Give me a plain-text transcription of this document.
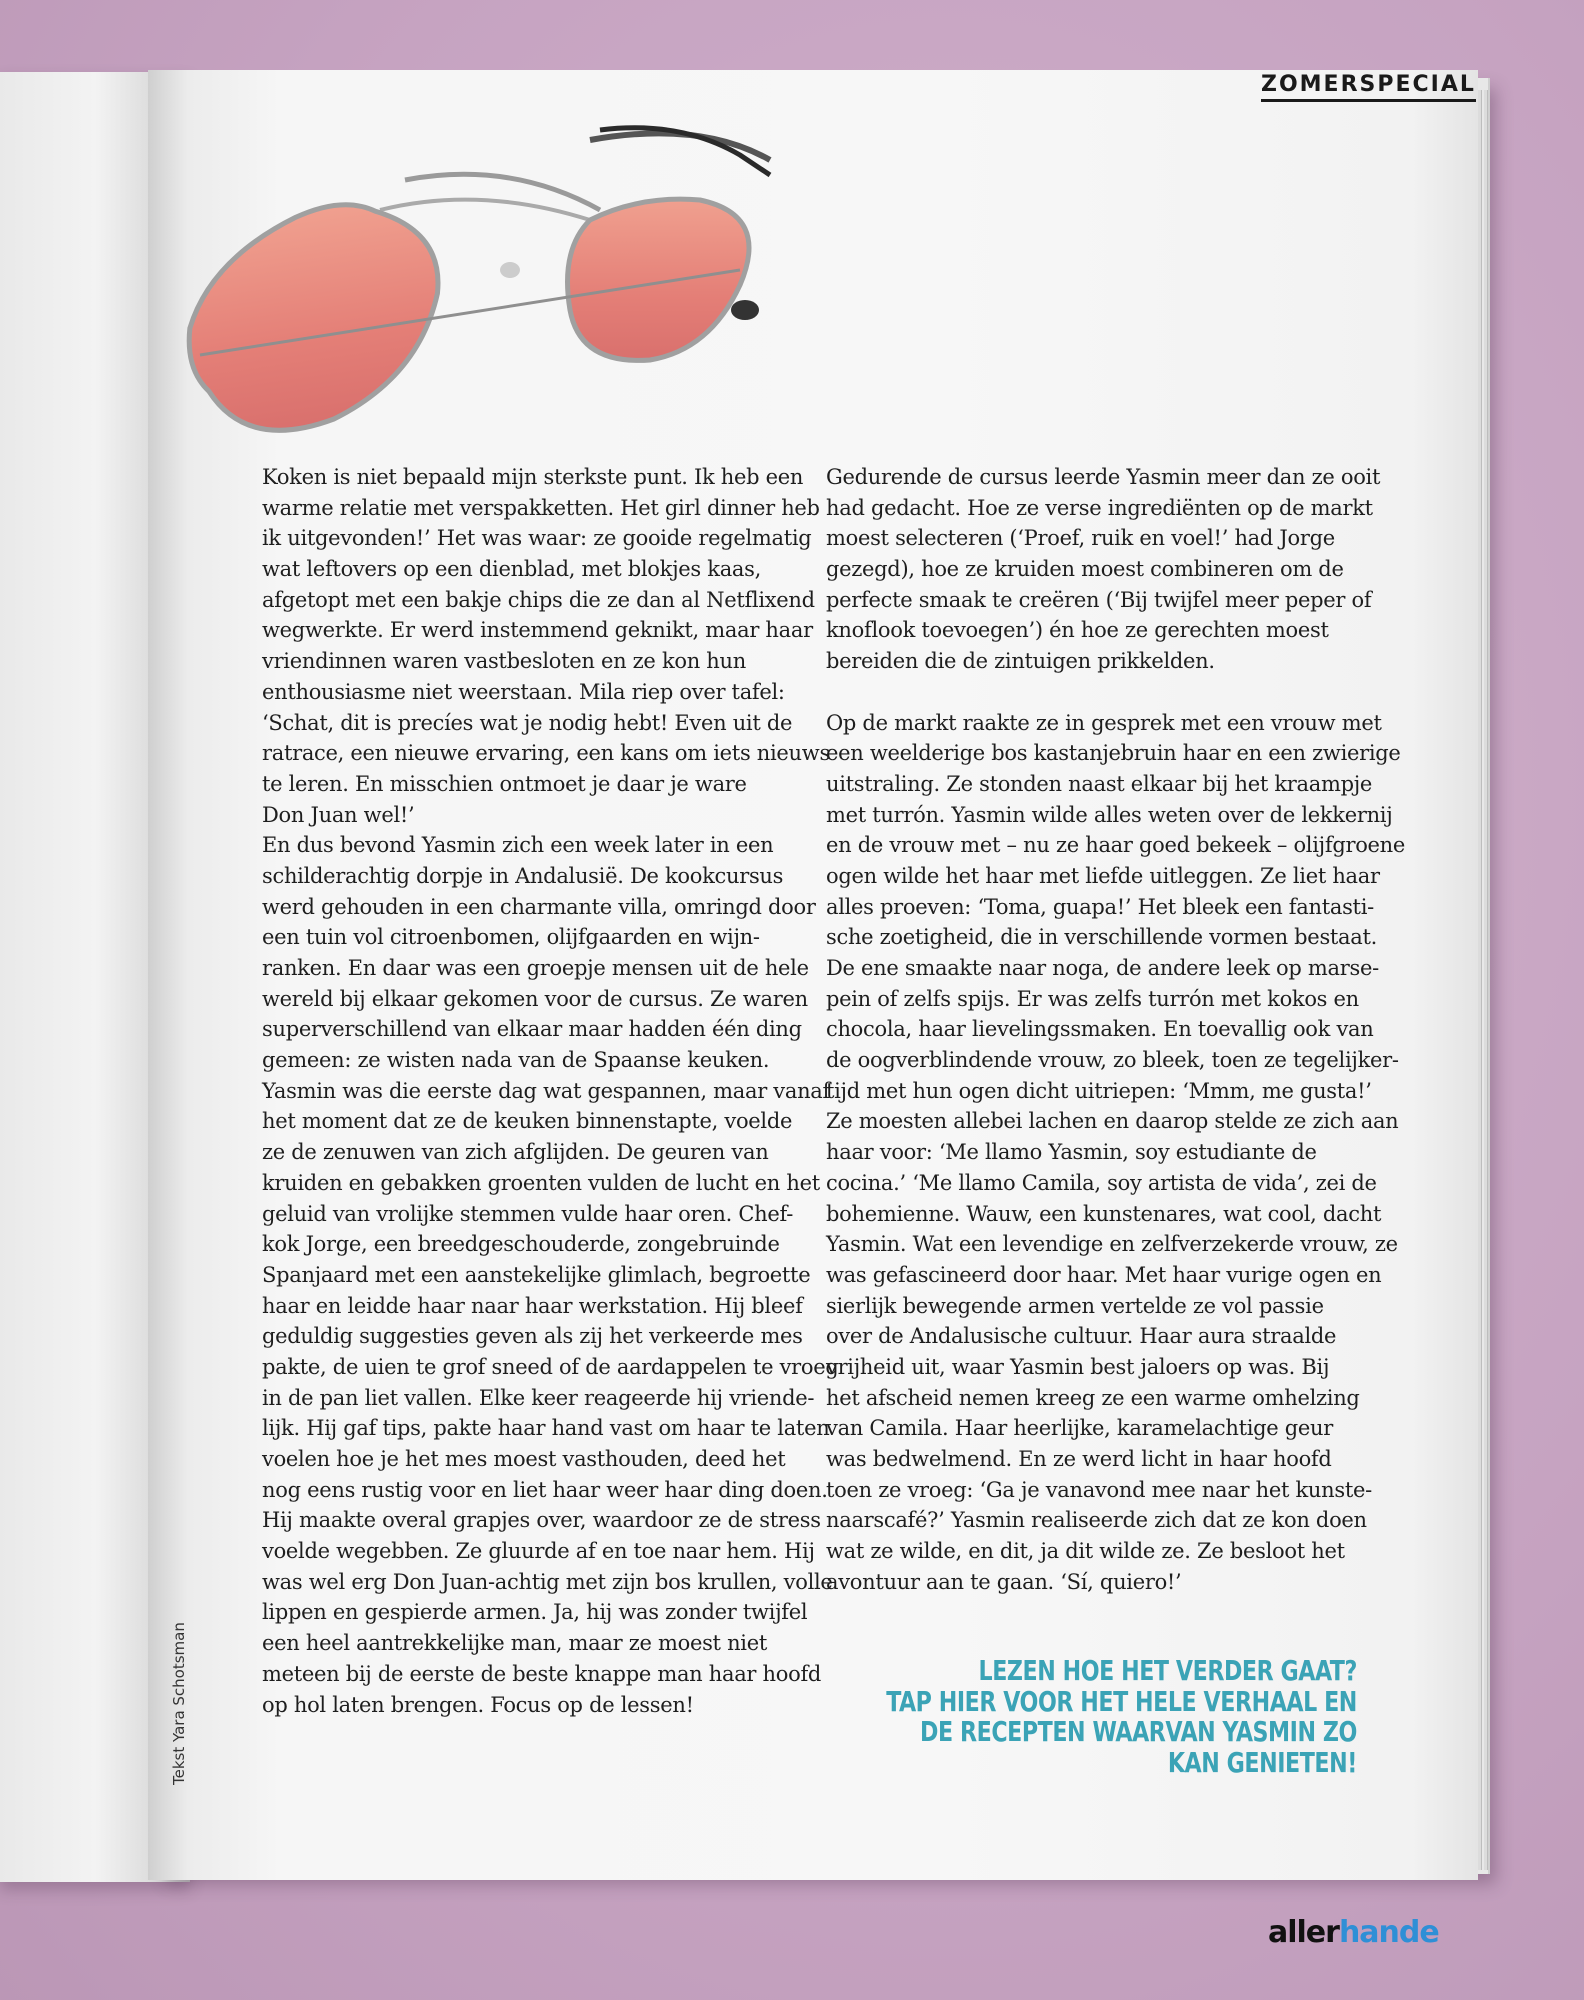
ZOMERSPECIAL
Koken is niet bepaald mijn sterkste punt. Ik heb een
warme relatie met verspakketten. Het girl dinner heb
ik uitgevonden!’ Het was waar: ze gooide regelmatig
wat leftovers op een dienblad, met blokjes kaas,
afgetopt met een bakje chips die ze dan al Netflixend
wegwerkte. Er werd instemmend geknikt, maar haar
vriendinnen waren vastbesloten en ze kon hun
enthousiasme niet weerstaan. Mila riep over tafel:
‘Schat, dit is precíes wat je nodig hebt! Even uit de
ratrace, een nieuwe ervaring, een kans om iets nieuws
te leren. En misschien ontmoet je daar je ware
Don Juan wel!’
En dus bevond Yasmin zich een week later in een
schilderachtig dorpje in Andalusië. De kookcursus
werd gehouden in een charmante villa, omringd door
een tuin vol citroenbomen, olijfgaarden en wijn-
ranken. En daar was een groepje mensen uit de hele
wereld bij elkaar gekomen voor de cursus. Ze waren
superverschillend van elkaar maar hadden één ding
gemeen: ze wisten nada van de Spaanse keuken.
Yasmin was die eerste dag wat gespannen, maar vanaf
het moment dat ze de keuken binnenstapte, voelde
ze de zenuwen van zich afglijden. De geuren van
kruiden en gebakken groenten vulden de lucht en het
geluid van vrolijke stemmen vulde haar oren. Chef-
kok Jorge, een breedgeschouderde, zongebruinde
Spanjaard met een aanstekelijke glimlach, begroette
haar en leidde haar naar haar werkstation. Hij bleef
geduldig suggesties geven als zij het verkeerde mes
pakte, de uien te grof sneed of de aardappelen te vroeg
in de pan liet vallen. Elke keer reageerde hij vriende-
lijk. Hij gaf tips, pakte haar hand vast om haar te laten
voelen hoe je het mes moest vasthouden, deed het
nog eens rustig voor en liet haar weer haar ding doen.
Hij maakte overal grapjes over, waardoor ze de stress
voelde wegebben. Ze gluurde af en toe naar hem. Hij
was wel erg Don Juan-achtig met zijn bos krullen, volle
lippen en gespierde armen. Ja, hij was zonder twijfel
een heel aantrekkelijke man, maar ze moest niet
meteen bij de eerste de beste knappe man haar hoofd
op hol laten brengen. Focus op de lessen!
Gedurende de cursus leerde Yasmin meer dan ze ooit
had gedacht. Hoe ze verse ingrediënten op de markt
moest selecteren (‘Proef, ruik en voel!’ had Jorge
gezegd), hoe ze kruiden moest combineren om de
perfecte smaak te creëren (‘Bij twijfel meer peper of
knoflook toevoegen’) én hoe ze gerechten moest
bereiden die de zintuigen prikkelden.
Op de markt raakte ze in gesprek met een vrouw met
een weelderige bos kastanjebruin haar en een zwierige
uitstraling. Ze stonden naast elkaar bij het kraampje
met turrón. Yasmin wilde alles weten over de lekkernij
en de vrouw met – nu ze haar goed bekeek – olijfgroene
ogen wilde het haar met liefde uitleggen. Ze liet haar
alles proeven: ‘Toma, guapa!’ Het bleek een fantasti-
sche zoetigheid, die in verschillende vormen bestaat.
De ene smaakte naar noga, de andere leek op marse-
pein of zelfs spijs. Er was zelfs turrón met kokos en
chocola, haar lievelingssmaken. En toevallig ook van
de oogverblindende vrouw, zo bleek, toen ze tegelijker-
tijd met hun ogen dicht uitriepen: ‘Mmm, me gusta!’
Ze moesten allebei lachen en daarop stelde ze zich aan
haar voor: ‘Me llamo Yasmin, soy estudiante de
cocina.’ ‘Me llamo Camila, soy artista de vida’, zei de
bohemienne. Wauw, een kunstenares, wat cool, dacht
Yasmin. Wat een levendige en zelfverzekerde vrouw, ze
was gefascineerd door haar. Met haar vurige ogen en
sierlijk bewegende armen vertelde ze vol passie
over de Andalusische cultuur. Haar aura straalde
vrijheid uit, waar Yasmin best jaloers op was. Bij
het afscheid nemen kreeg ze een warme omhelzing
van Camila. Haar heerlijke, karamelachtige geur
was bedwelmend. En ze werd licht in haar hoofd
toen ze vroeg: ‘Ga je vanavond mee naar het kunste-
naarscafé?’ Yasmin realiseerde zich dat ze kon doen
wat ze wilde, en dit, ja dit wilde ze. Ze besloot het
avontuur aan te gaan. ‘Sí, quiero!’
Tekst Yara Schotsman	LEZEN HOE HET VERDER GAAT?
TAP HIER VOOR HET HELE VERHAAL EN
DE RECEPTEN WAARVAN YASMIN ZO
KAN GENIETEN!
allerhande
